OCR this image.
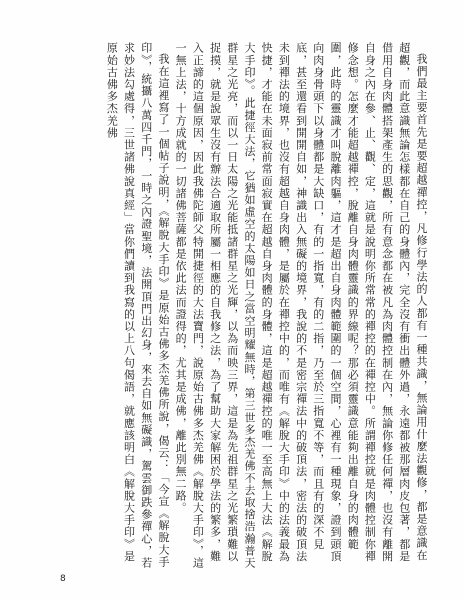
我們最主要首先是要超越禪控，凡修行學法的人都有一種共識，無論用什麼法觀修，都是意識在超觀，而此意識無論怎樣都在自己的身體內，完全沒有衝出體外過，永遠都被那層肉皮包著，都是借用自身肉體搭架產生的思觀，所有意念都在被凡為肉體控制在內，無論你修任何禪，也沒有離開自身之內在參、止、觀、定，這就是說明你所常常的禪控的在禪控中。所謂禪控就是肉體控制你禪修念想。怎麼才能超越禪控，脫離自身肉體靈識的界線呢？那必須靈識意能夠出離自身的肉體範圍，此時的靈識才叫脫離肉軀，這才是超出自身肉體範圍的一個空間，心裡有一種現象，證到頭頂向肉身骨頭下以身體都是大缺口，有的一指寬，有的二指，乃至於三指寬不等，而且有的深不見底，甚至還看到開開自如，神識出入無礙的境界，我說的不是密宗禪法中的破頂法，密法的破頂法未到禪法的境界，也沒有超越自身肉體，是屬於在禪控中的，而唯有《解脫大手印》中的法義最為快捷，才能在未面寂前常面寂實在超越自身肉體的身體，這是超越禪控的唯一至高無上大法《解脫大手印》。此捷徑大法，它猶如虛空的太陽如日之當空明耀無時，第三世多杰羌佛不去取捨浩瀚普天群星之光亮，而以一日太陽之光能抵諸群星之光輝，以為而映三界，這是為先祖群星之光繁瑣難以捉摸，就是說眾生沒有辦法合適取所屬一相應的自我修之法，為了幫助大家解困於學法的繁多，難入正諦的這個原因，因此我佛陀師父特開捷徑的大法寶門，說原始古佛多杰羌佛《解脫大手印》，這一無上法，十方成就的一切諸佛菩薩都是依此法而證得的，尤其是成佛，離此別無二路。

我在這裡寫了一個帖子說明，《解脫大手印》是原始古佛多杰羌佛所說，偈云：「今宣《解脫大手印》，統攝八萬四千門，一時之內證聖境，法開頂門出幻身，來去自如無礙識，駕雲御跌參禪心，若求妙法勾處得，三世諸佛說真經」當你們讀到我寫的以上八句偈語，就應該明白《解脫大手印》是原始古佛多杰羌佛

8
